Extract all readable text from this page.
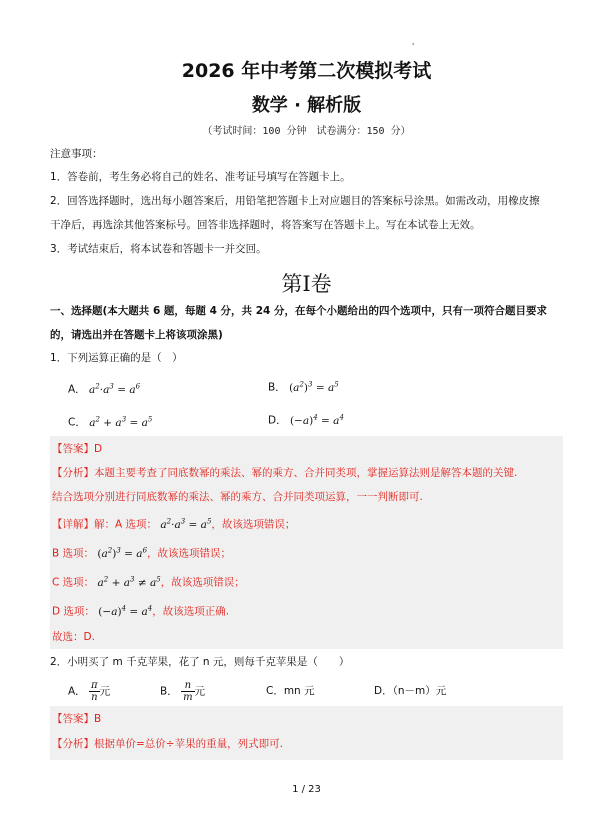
'
2026 年中考第二次模拟考试
数学 · 解析版
（考试时间：100 分钟　试卷满分：150 分）
注意事项：
1．答卷前，考生务必将自己的姓名、准考证号填写在答题卡上。
2．回答选择题时，选出每小题答案后，用铅笔把答题卡上对应题目的答案标号涂黑。如需改动，用橡皮擦
干净后，再选涂其他答案标号。回答非选择题时，将答案写在答题卡上。写在本试卷上无效。
3．考试结束后，将本试卷和答题卡一并交回。
第Ⅰ卷
一、选择题(本大题共 6 题，每题 4 分，共 24 分，在每个小题给出的四个选项中，只有一项符合题目要求
的，请选出并在答题卡上将该项涂黑)
1．下列运算正确的是（　）
A． $a^2\cdot a^3 = a^6$	B． $(a^2)^3 = a^5$
C． $a^2 + a^3 = a^5$	D． $(-a)^4 = a^4$
【答案】D
【分析】本题主要考查了同底数幂的乘法、幂的乘方、合并同类项，掌握运算法则是解答本题的关键.
结合选项分别进行同底数幂的乘法、幂的乘方、合并同类项运算，一一判断即可.
【详解】解：A 选项： $a^2\cdot a^3 = a^5$，故该选项错误；
B 选项： $(a^2)^3 = a^6$，故该选项错误；
C 选项： $a^2 + a^3 \ne a^5$，故该选项错误；
D 选项： $(-a)^4 = a^4$，故该选项正确.
故选：D.
2．小明买了 m 千克苹果，花了 n 元，则每千克苹果是（　　）
A． $\frac{\pi}{n}$ 元	B． $\frac{n}{m}$ 元	C．mn 元	D．（n－m）元
【答案】B
【分析】根据单价=总价÷苹果的重量，列式即可.
1 / 23
